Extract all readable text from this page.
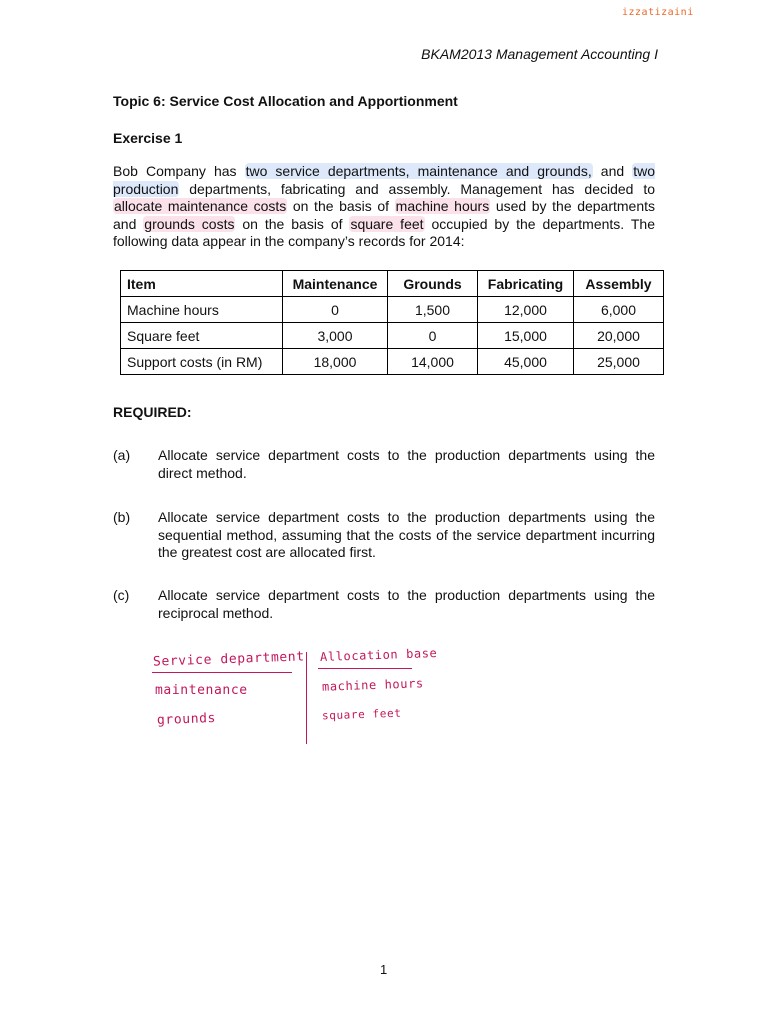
izzatizaini
BKAM2013 Management Accounting I
Topic 6: Service Cost Allocation and Apportionment
Exercise 1
Bob Company has two service departments, maintenance and grounds, and two production departments, fabricating and assembly. Management has decided to allocate maintenance costs on the basis of machine hours used by the departments and grounds costs on the basis of square feet occupied by the departments. The following data appear in the company’s records for 2014:
Item	Maintenance	Grounds	Fabricating	Assembly
Machine hours	0	1,500	12,000	6,000
Square feet	3,000	0	15,000	20,000
Support costs (in RM)	18,000	14,000	45,000	25,000
REQUIRED:
(a) Allocate service department costs to the production departments using the direct method.
(b) Allocate service department costs to the production departments using the sequential method, assuming that the costs of the service department incurring the greatest cost are allocated first.
(c) Allocate service department costs to the production departments using the reciprocal method.
Service department Allocation base
maintenance	machine hours
grounds	square feet
1
